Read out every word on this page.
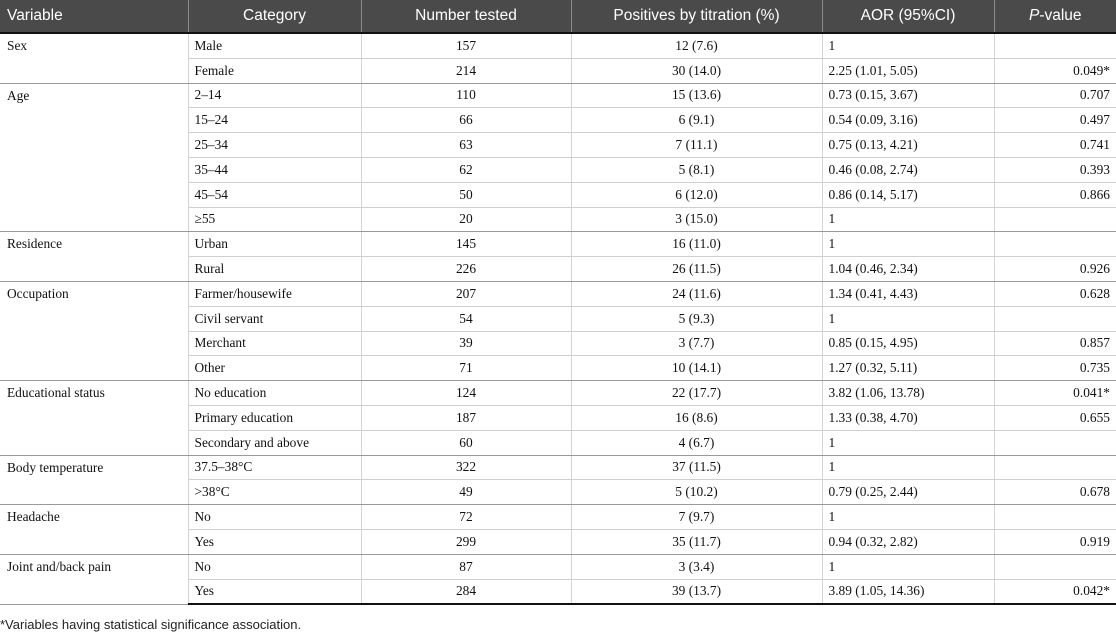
Variable	Category	Number tested	Positives by titration (%)	AOR (95%CI)	P-value
Sex	Male	157	12 (7.6)	1	
	Female	214	30 (14.0)	2.25 (1.01, 5.05)	0.049*
Age	2–14	110	15 (13.6)	0.73 (0.15, 3.67)	0.707
	15–24	66	6 (9.1)	0.54 (0.09, 3.16)	0.497
	25–34	63	7 (11.1)	0.75 (0.13, 4.21)	0.741
	35–44	62	5 (8.1)	0.46 (0.08, 2.74)	0.393
	45–54	50	6 (12.0)	0.86 (0.14, 5.17)	0.866
	≥55	20	3 (15.0)	1	
Residence	Urban	145	16 (11.0)	1	
	Rural	226	26 (11.5)	1.04 (0.46, 2.34)	0.926
Occupation	Farmer/housewife	207	24 (11.6)	1.34 (0.41, 4.43)	0.628
	Civil servant	54	5 (9.3)	1	
	Merchant	39	3 (7.7)	0.85 (0.15, 4.95)	0.857
	Other	71	10 (14.1)	1.27 (0.32, 5.11)	0.735
Educational status	No education	124	22 (17.7)	3.82 (1.06, 13.78)	0.041*
	Primary education	187	16 (8.6)	1.33 (0.38, 4.70)	0.655
	Secondary and above	60	4 (6.7)	1	
Body temperature	37.5–38°C	322	37 (11.5)	1	
	>38°C	49	5 (10.2)	0.79 (0.25, 2.44)	0.678
Headache	No	72	7 (9.7)	1	
	Yes	299	35 (11.7)	0.94 (0.32, 2.82)	0.919
Joint and/back pain	No	87	3 (3.4)	1	
	Yes	284	39 (13.7)	3.89 (1.05, 14.36)	0.042*
*Variables having statistical significance association.
